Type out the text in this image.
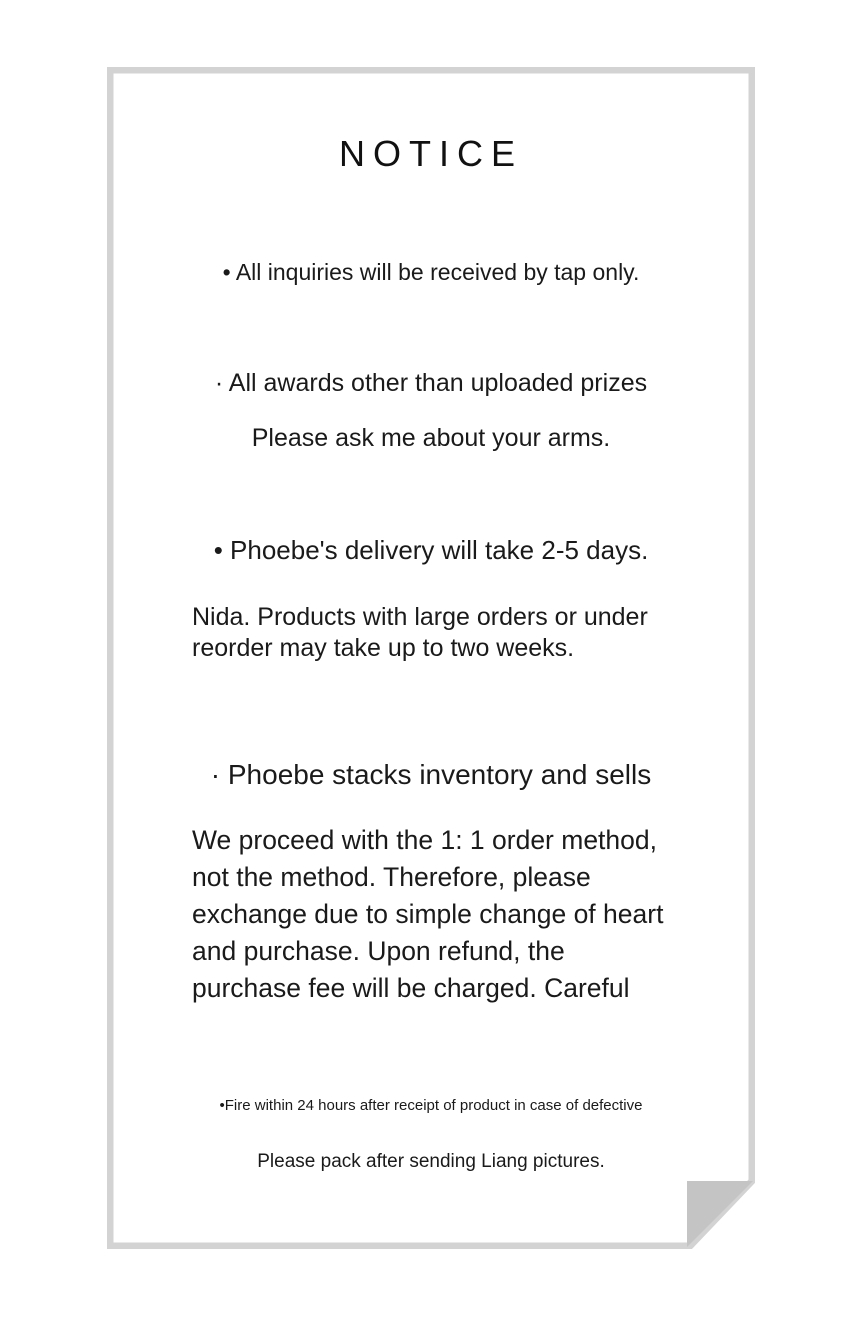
NOTICE
• All inquiries will be received by tap only.
· All awards other than uploaded prizes
Please ask me about your arms.
• Phoebe's delivery will take 2-5 days.
Nida. Products with large orders or under
reorder may take up to two weeks.
· Phoebe stacks inventory and sells
We proceed with the 1: 1 order method,
not the method. Therefore, please
exchange due to simple change of heart
and purchase. Upon refund, the
purchase fee will be charged. Careful
•Fire within 24 hours after receipt of product in case of defective
Please pack after sending Liang pictures.
